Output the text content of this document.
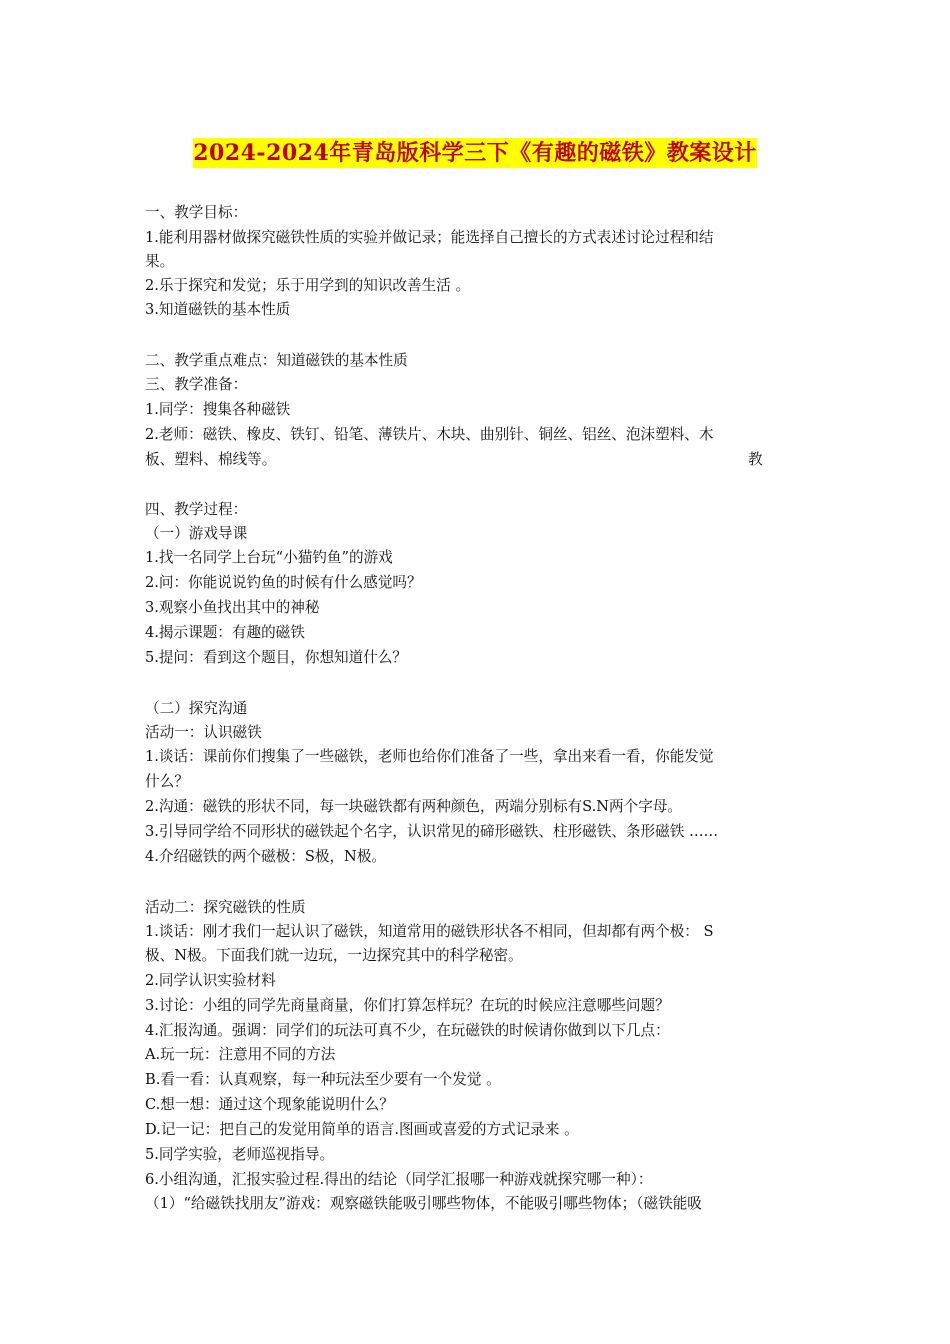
2024-2024年青岛版科学三下《有趣的磁铁》教案设计
一、教学目标：
1.能利用器材做探究磁铁性质的实验并做记录；能选择自己擅长的方式表述讨论过程和结
果。
2.乐于探究和发觉；乐于用学到的知识改善生活 。
3.知道磁铁的基本性质
二、教学重点难点：知道磁铁的基本性质
三、教学准备：
1.同学：搜集各种磁铁
2.老师：磁铁、橡皮、铁钉、铅笔、薄铁片、木块、曲别针、铜丝、铝丝、泡沫塑料、木
板、塑料、棉线等。	教
四、教学过程：
（一）游戏导课
1.找一名同学上台玩“小猫钓鱼”的游戏
2.问：你能说说钓鱼的时候有什么感觉吗？
3.观察小鱼找出其中的神秘
4.揭示课题：有趣的磁铁
5.提问：看到这个题目，你想知道什么？
（二）探究沟通
活动一：认识磁铁
1.谈话：课前你们搜集了一些磁铁，老师也给你们准备了一些，拿出来看一看，你能发觉
什么？
2.沟通：磁铁的形状不同，每一块磁铁都有两种颜色，两端分别标有S.N两个字母。
3.引导同学给不同形状的磁铁起个名字，认识常见的碲形磁铁、柱形磁铁、条形磁铁 ……
4.介绍磁铁的两个磁极：S极，N极。
活动二：探究磁铁的性质
1.谈话：刚才我们一起认识了磁铁，知道常用的磁铁形状各不相同，但却都有两个极： S
极、N极。下面我们就一边玩，一边探究其中的科学秘密。
2.同学认识实验材料
3.讨论：小组的同学先商量商量，你们打算怎样玩？在玩的时候应注意哪些问题？
4.汇报沟通。强调：同学们的玩法可真不少，在玩磁铁的时候请你做到以下几点：
A.玩一玩：注意用不同的方法
B.看一看：认真观察，每一种玩法至少要有一个发觉 。
C.想一想：通过这个现象能说明什么？
D.记一记：把自己的发觉用简单的语言.图画或喜爱的方式记录来 。
5.同学实验，老师巡视指导。
6.小组沟通，汇报实验过程.得出的结论（同学汇报哪一种游戏就探究哪一种）：
（1）“给磁铁找朋友”游戏：观察磁铁能吸引哪些物体，不能吸引哪些物体；（磁铁能吸
